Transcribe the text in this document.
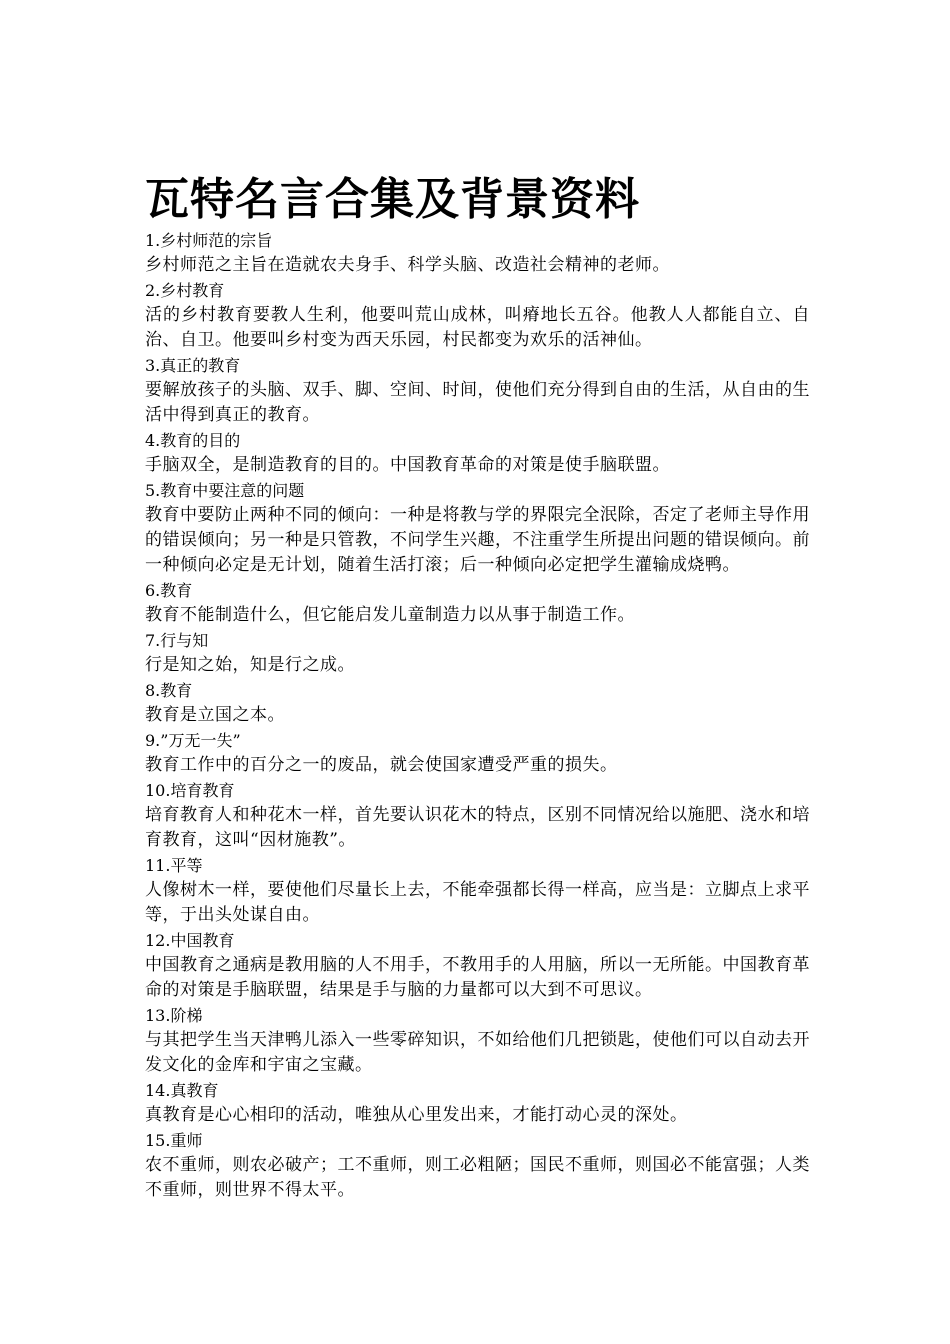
瓦特名言合集及背景资料

1.乡村师范的宗旨

乡村师范之主旨在造就农夫身手、科学头脑、改造社会精神的老师。

2.乡村教育

活的乡村教育要教人生利，他要叫荒山成林，叫瘠地长五谷。他教人人都能自立、自治、自卫。他要叫乡村变为西天乐园，村民都变为欢乐的活神仙。

3.真正的教育

要解放孩子的头脑、双手、脚、空间、时间，使他们充分得到自由的生活，从自由的生活中得到真正的教育。

4.教育的目的

手脑双全，是制造教育的目的。中国教育革命的对策是使手脑联盟。

5.教育中要注意的问题

教育中要防止两种不同的倾向：一种是将教与学的界限完全泯除，否定了老师主导作用的错误倾向；另一种是只管教，不问学生兴趣，不注重学生所提出问题的错误倾向。前一种倾向必定是无计划，随着生活打滚；后一种倾向必定把学生灌输成烧鸭。

6.教育

教育不能制造什么，但它能启发儿童制造力以从事于制造工作。

7.行与知

行是知之始，知是行之成。

8.教育

教育是立国之本。

9.”万无一失”

教育工作中的百分之一的废品，就会使国家遭受严重的损失。

10.培育教育

培育教育人和种花木一样，首先要认识花木的特点，区别不同情况给以施肥、浇水和培育教育，这叫“因材施教”。

11.平等

人像树木一样，要使他们尽量长上去，不能牵强都长得一样高，应当是：立脚点上求平等，于出头处谋自由。

12.中国教育

中国教育之通病是教用脑的人不用手，不教用手的人用脑，所以一无所能。中国教育革命的对策是手脑联盟，结果是手与脑的力量都可以大到不可思议。

13.阶梯

与其把学生当天津鸭儿添入一些零碎知识，不如给他们几把锁匙，使他们可以自动去开发文化的金库和宇宙之宝藏。

14.真教育

真教育是心心相印的活动，唯独从心里发出来，才能打动心灵的深处。

15.重师

农不重师，则农必破产；工不重师，则工必粗陋；国民不重师，则国必不能富强；人类不重师，则世界不得太平。
